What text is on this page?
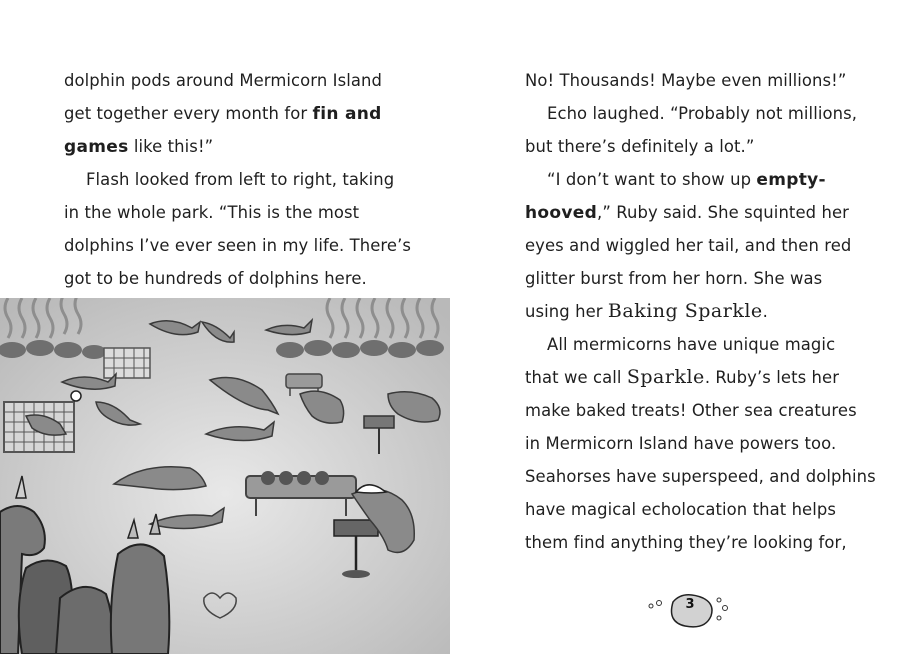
dolphin pods around Mermicorn Island
get together every month for fin and
games like this!”
Flash looked from left to right, taking
in the whole park. “This is the most
dolphins I’ve ever seen in my life. There’s
got to be hundreds of dolphins here.
No! Thousands! Maybe even millions!”
Echo laughed. “Probably not millions,
but there’s definitely a lot.”
“I don’t want to show up empty-
hooved,” Ruby said. She squinted her
eyes and wiggled her tail, and then red
glitter burst from her horn. She was
using her Baking Sparkle.
All mermicorns have unique magic
that we call Sparkle. Ruby’s lets her
make baked treats! Other sea creatures
in Mermicorn Island have powers too.
Seahorses have superspeed, and dolphins
have magical echolocation that helps
them find anything they’re looking for,
3
